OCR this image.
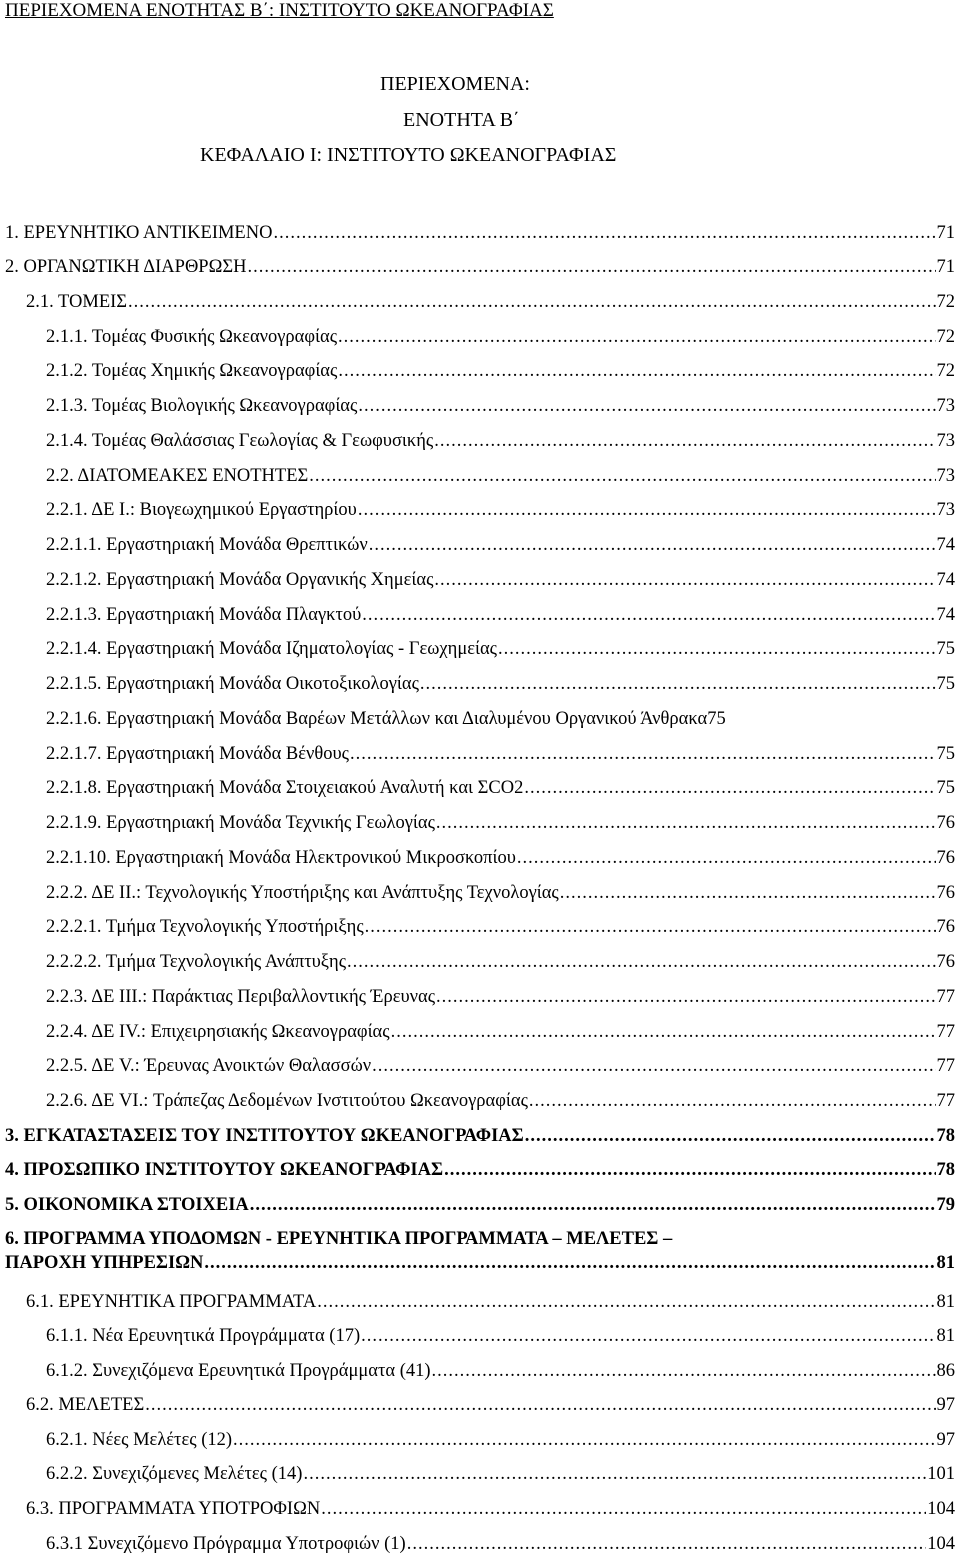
ΠΕΡΙΕΧΟΜΕΝΑ ΕΝΟΤΗΤΑΣ Β΄: ΙΝΣΤΙΤΟΥΤΟ ΩΚΕΑΝΟΓΡΑΦΙΑΣ
ΠΕΡΙΕΧΟΜΕΝΑ:
ΕΝΟΤΗΤΑ Β΄
ΚΕΦΑΛΑΙΟ Ι: ΙΝΣΤΙΤΟΥΤΟ ΩΚΕΑΝΟΓΡΑΦΙΑΣ
1. ΕΡΕΥΝΗΤΙΚΟ ΑΝΤΙΚΕΙΜΕΝΟ .....	71
2. ΟΡΓΑΝΩΤΙΚΗ ΔΙΑΡΘΡΩΣΗ .....	71
2.1. ΤΟΜΕΙΣ .....	72
2.1.1. Τομέας Φυσικής Ωκεανογραφίας .....	72
2.1.2. Τομέας Χημικής Ωκεανογραφίας .....	72
2.1.3. Τομέας Βιολογικής Ωκεανογραφίας .....	73
2.1.4. Τομέας Θαλάσσιας Γεωλογίας & Γεωφυσικής .....	73
2.2. ΔΙΑΤΟΜΕΑΚΕΣ ΕΝΟΤΗΤΕΣ .....	73
2.2.1. ΔΕ Ι.: Βιογεωχημικού Εργαστηρίου .....	73
2.2.1.1. Εργαστηριακή Μονάδα Θρεπτικών .....	74
2.2.1.2. Εργαστηριακή Μονάδα Οργανικής Χημείας .....	74
2.2.1.3. Εργαστηριακή Μονάδα Πλαγκτού .....	74
2.2.1.4. Εργαστηριακή Μονάδα Ιζηματολογίας - Γεωχημείας .....	75
2.2.1.5. Εργαστηριακή Μονάδα Οικοτοξικολογίας .....	75
2.2.1.6. Εργαστηριακή Μονάδα Βαρέων Μετάλλων και Διαλυμένου Οργανικού Άνθρακα 75
2.2.1.7. Εργαστηριακή Μονάδα Βένθους .....	75
2.2.1.8. Εργαστηριακή Μονάδα Στοιχειακού Αναλυτή και ΣCO2 .....	75
2.2.1.9. Εργαστηριακή Μονάδα Τεχνικής Γεωλογίας .....	76
2.2.1.10. Εργαστηριακή Μονάδα Ηλεκτρονικού Μικροσκοπίου .....	76
2.2.2. ΔΕ ΙΙ.: Τεχνολογικής Υποστήριξης και Ανάπτυξης Τεχνολογίας .....	76
2.2.2.1. Τμήμα Τεχνολογικής Υποστήριξης .....	76
2.2.2.2. Τμήμα Τεχνολογικής Ανάπτυξης .....	76
2.2.3. ΔΕ ΙΙΙ.: Παράκτιας Περιβαλλοντικής Έρευνας .....	77
2.2.4. ΔΕ IV.: Επιχειρησιακής Ωκεανογραφίας .....	77
2.2.5. ΔΕ V.: Έρευνας Ανοικτών Θαλασσών .....	77
2.2.6. ΔΕ VI.: Τράπεζας Δεδομένων Ινστιτούτου Ωκεανογραφίας .....	77
3. ΕΓΚΑΤΑΣΤΑΣΕΙΣ ΤΟΥ ΙΝΣΤΙΤΟΥΤΟΥ ΩΚΕΑΝΟΓΡΑΦΙΑΣ .....	78
4. ΠΡΟΣΩΠΙΚΟ ΙΝΣΤΙΤΟΥΤΟΥ ΩΚΕΑΝΟΓΡΑΦΙΑΣ .....	78
5. ΟΙΚΟΝΟΜΙΚΑ ΣΤΟΙΧΕΙΑ .....	79
6. ΠΡΟΓΡΑΜΜΑ ΥΠΟΔΟΜΩΝ - ΕΡΕΥΝΗΤΙΚΑ ΠΡΟΓΡΑΜΜΑΤΑ – ΜΕΛΕΤΕΣ –
ΠΑΡΟΧΗ ΥΠΗΡΕΣΙΩΝ .....	81
6.1. ΕΡΕΥΝΗΤΙΚΑ ΠΡΟΓΡΑΜΜΑΤΑ .....	81
6.1.1. Νέα Ερευνητικά Προγράμματα (17) .....	81
6.1.2. Συνεχιζόμενα Ερευνητικά Προγράμματα (41) .....	86
6.2. ΜΕΛΕΤΕΣ .....	97
6.2.1. Νέες Μελέτες (12) .....	97
6.2.2. Συνεχιζόμενες Μελέτες (14) .....	101
6.3. ΠΡΟΓΡΑΜΜΑΤΑ ΥΠΟΤΡΟΦΙΩΝ .....	104
6.3.1 Συνεχιζόμενο Πρόγραμμα Υποτροφιών (1) .....	104
